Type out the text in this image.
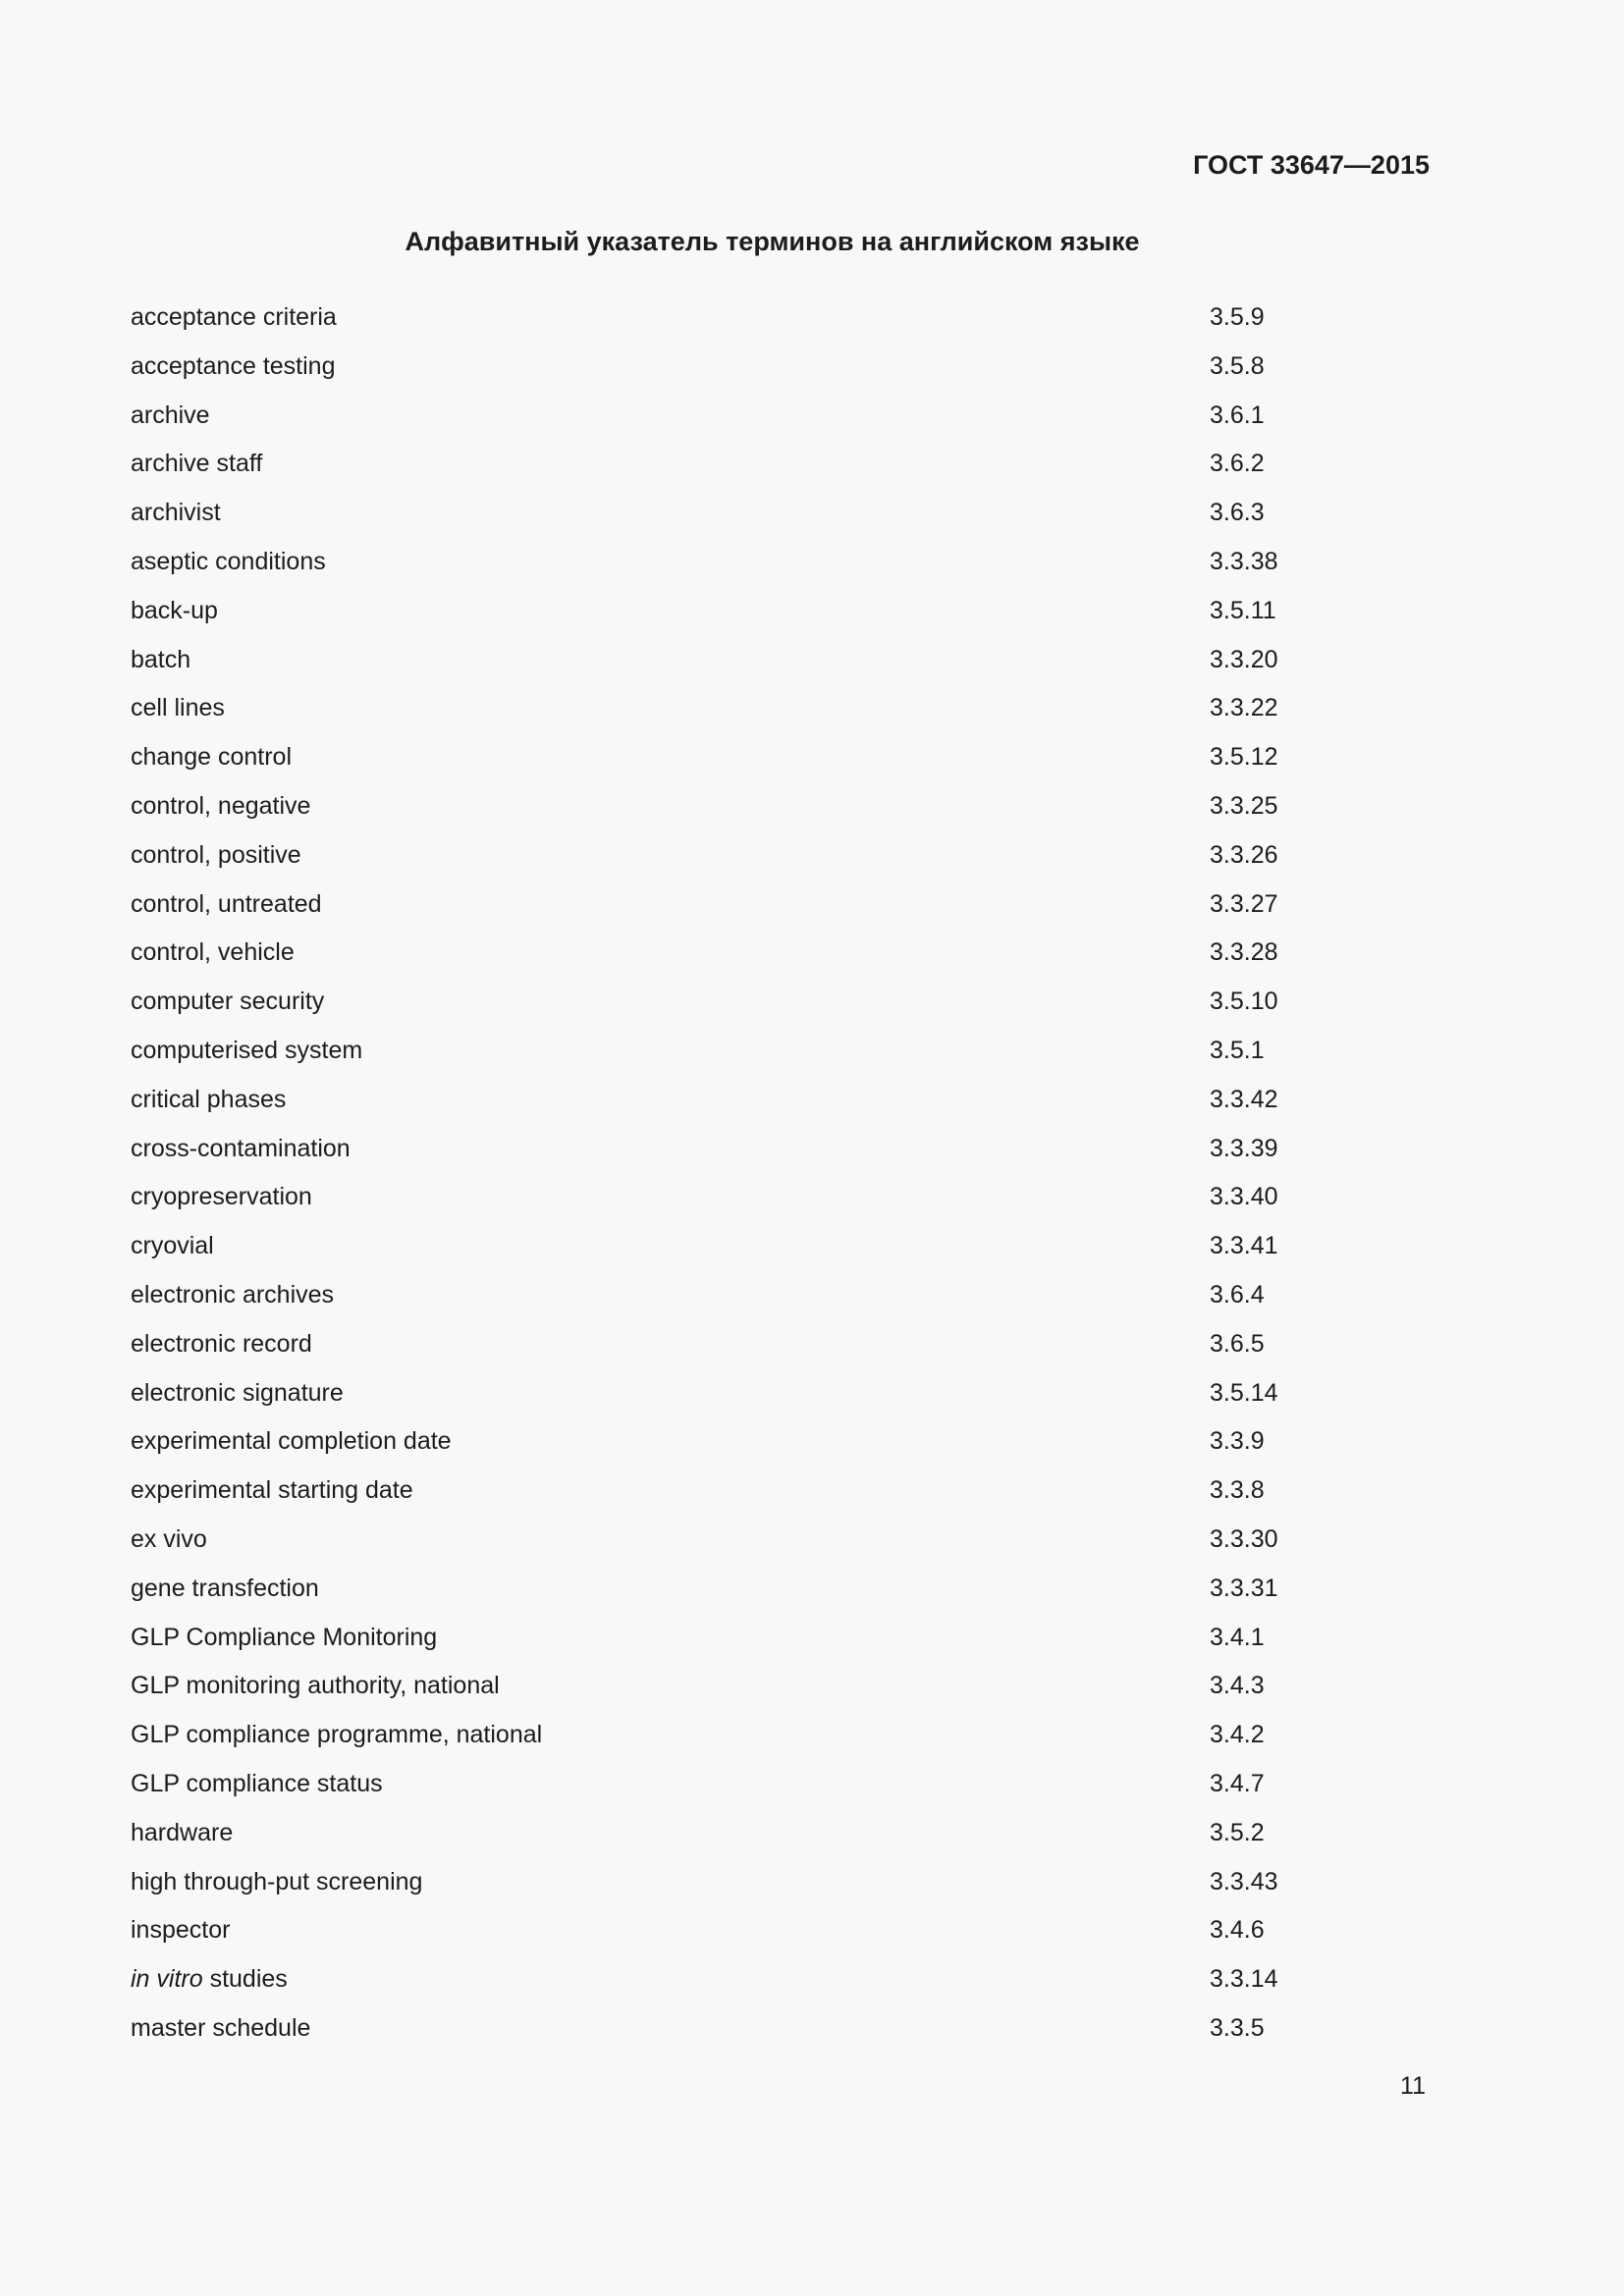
ГОСТ 33647—2015

Алфавитный указатель терминов на английском языке
acceptance criteria	3.5.9
acceptance testing	3.5.8
archive	3.6.1
archive staff	3.6.2
archivist	3.6.3
aseptic conditions	3.3.38
back-up	3.5.11
batch	3.3.20
cell lines	3.3.22
change control	3.5.12
control, negative	3.3.25
control, positive	3.3.26
control, untreated	3.3.27
control, vehicle	3.3.28
computer security	3.5.10
computerised system	3.5.1
critical phases	3.3.42
cross-contamination	3.3.39
cryopreservation	3.3.40
cryovial	3.3.41
electronic archives	3.6.4
electronic record	3.6.5
electronic signature	3.5.14
experimental completion date	3.3.9
experimental starting date	3.3.8
ex vivo	3.3.30
gene transfection	3.3.31
GLP Compliance Monitoring	3.4.1
GLP monitoring authority, national	3.4.3
GLP compliance programme, national	3.4.2
GLP compliance status	3.4.7
hardware	3.5.2
high through-put screening	3.3.43
inspector	3.4.6
in vitro studies	3.3.14
master schedule	3.3.5

11
